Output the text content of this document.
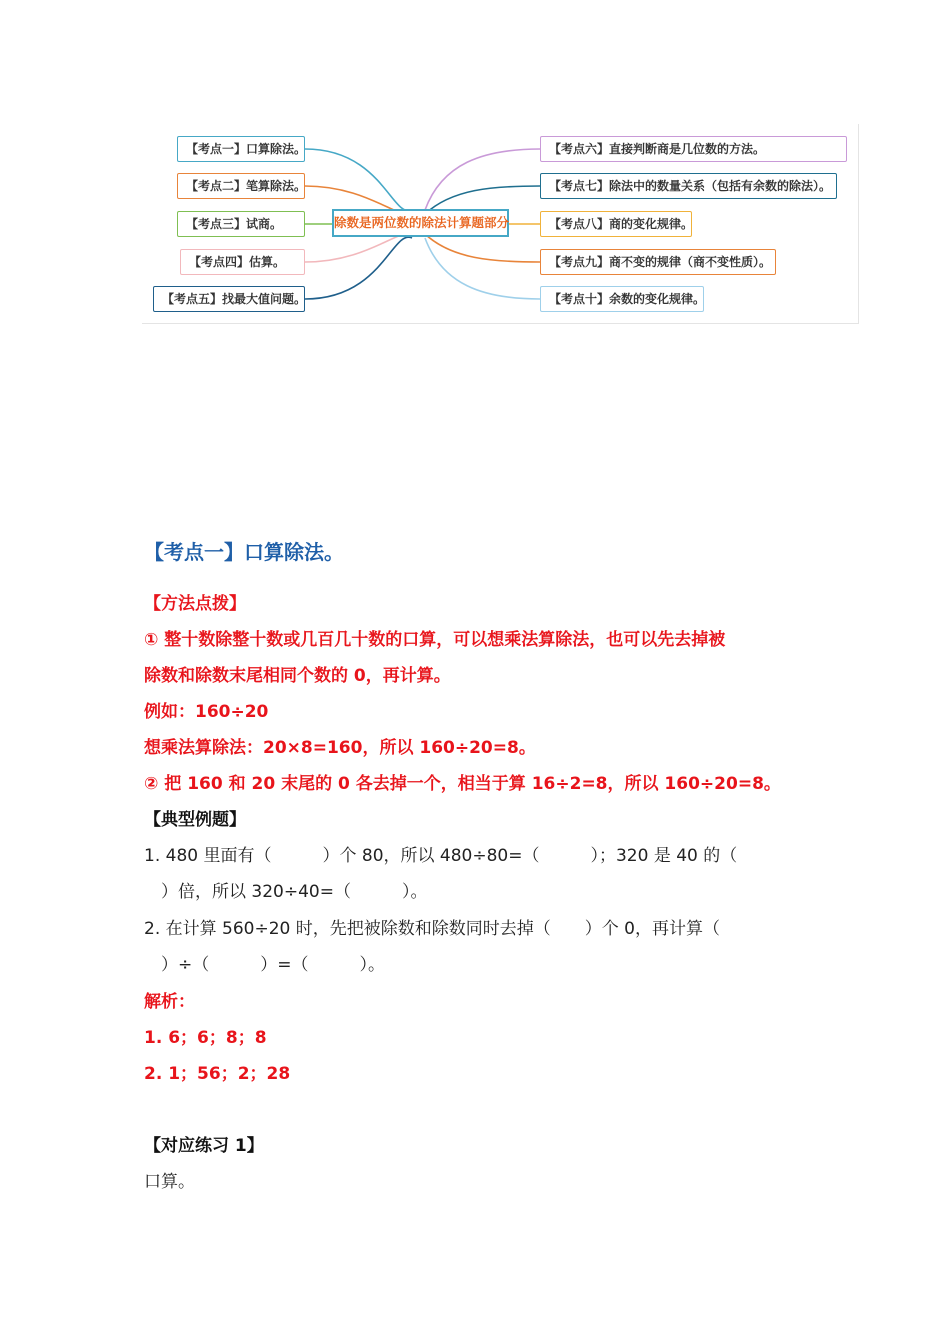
除数是两位数的除法计算题部分
【考点一】口算除法。
【考点二】笔算除法。
【考点三】试商。
【考点四】估算。
【考点五】找最大值问题。
【考点六】直接判断商是几位数的方法。
【考点七】除法中的数量关系（包括有余数的除法）。
【考点八】商的变化规律。
【考点九】商不变的规律（商不变性质）。
【考点十】余数的变化规律。
【考点一】口算除法。
【方法点拨】
① 整十数除整十数或几百几十数的口算，可以想乘法算除法，也可以先去掉被
除数和除数末尾相同个数的 0，再计算。
例如：160÷20
想乘法算除法：20×8=160，所以 160÷20=8。
② 把 160 和 20 末尾的 0 各去掉一个，相当于算 16÷2=8，所以 160÷20=8。
【典型例题】
1. 480 里面有（　　　）个 80，所以 480÷80=（　　　）；320 是 40 的（
　）倍，所以 320÷40=（　　　）。
2. 在计算 560÷20 时，先把被除数和除数同时去掉（　　）个 0，再计算（
　）÷（　　　）=（　　　）。
解析：
1. 6；6；8；8
2. 1；56；2；28
【对应练习 1】
口算。
